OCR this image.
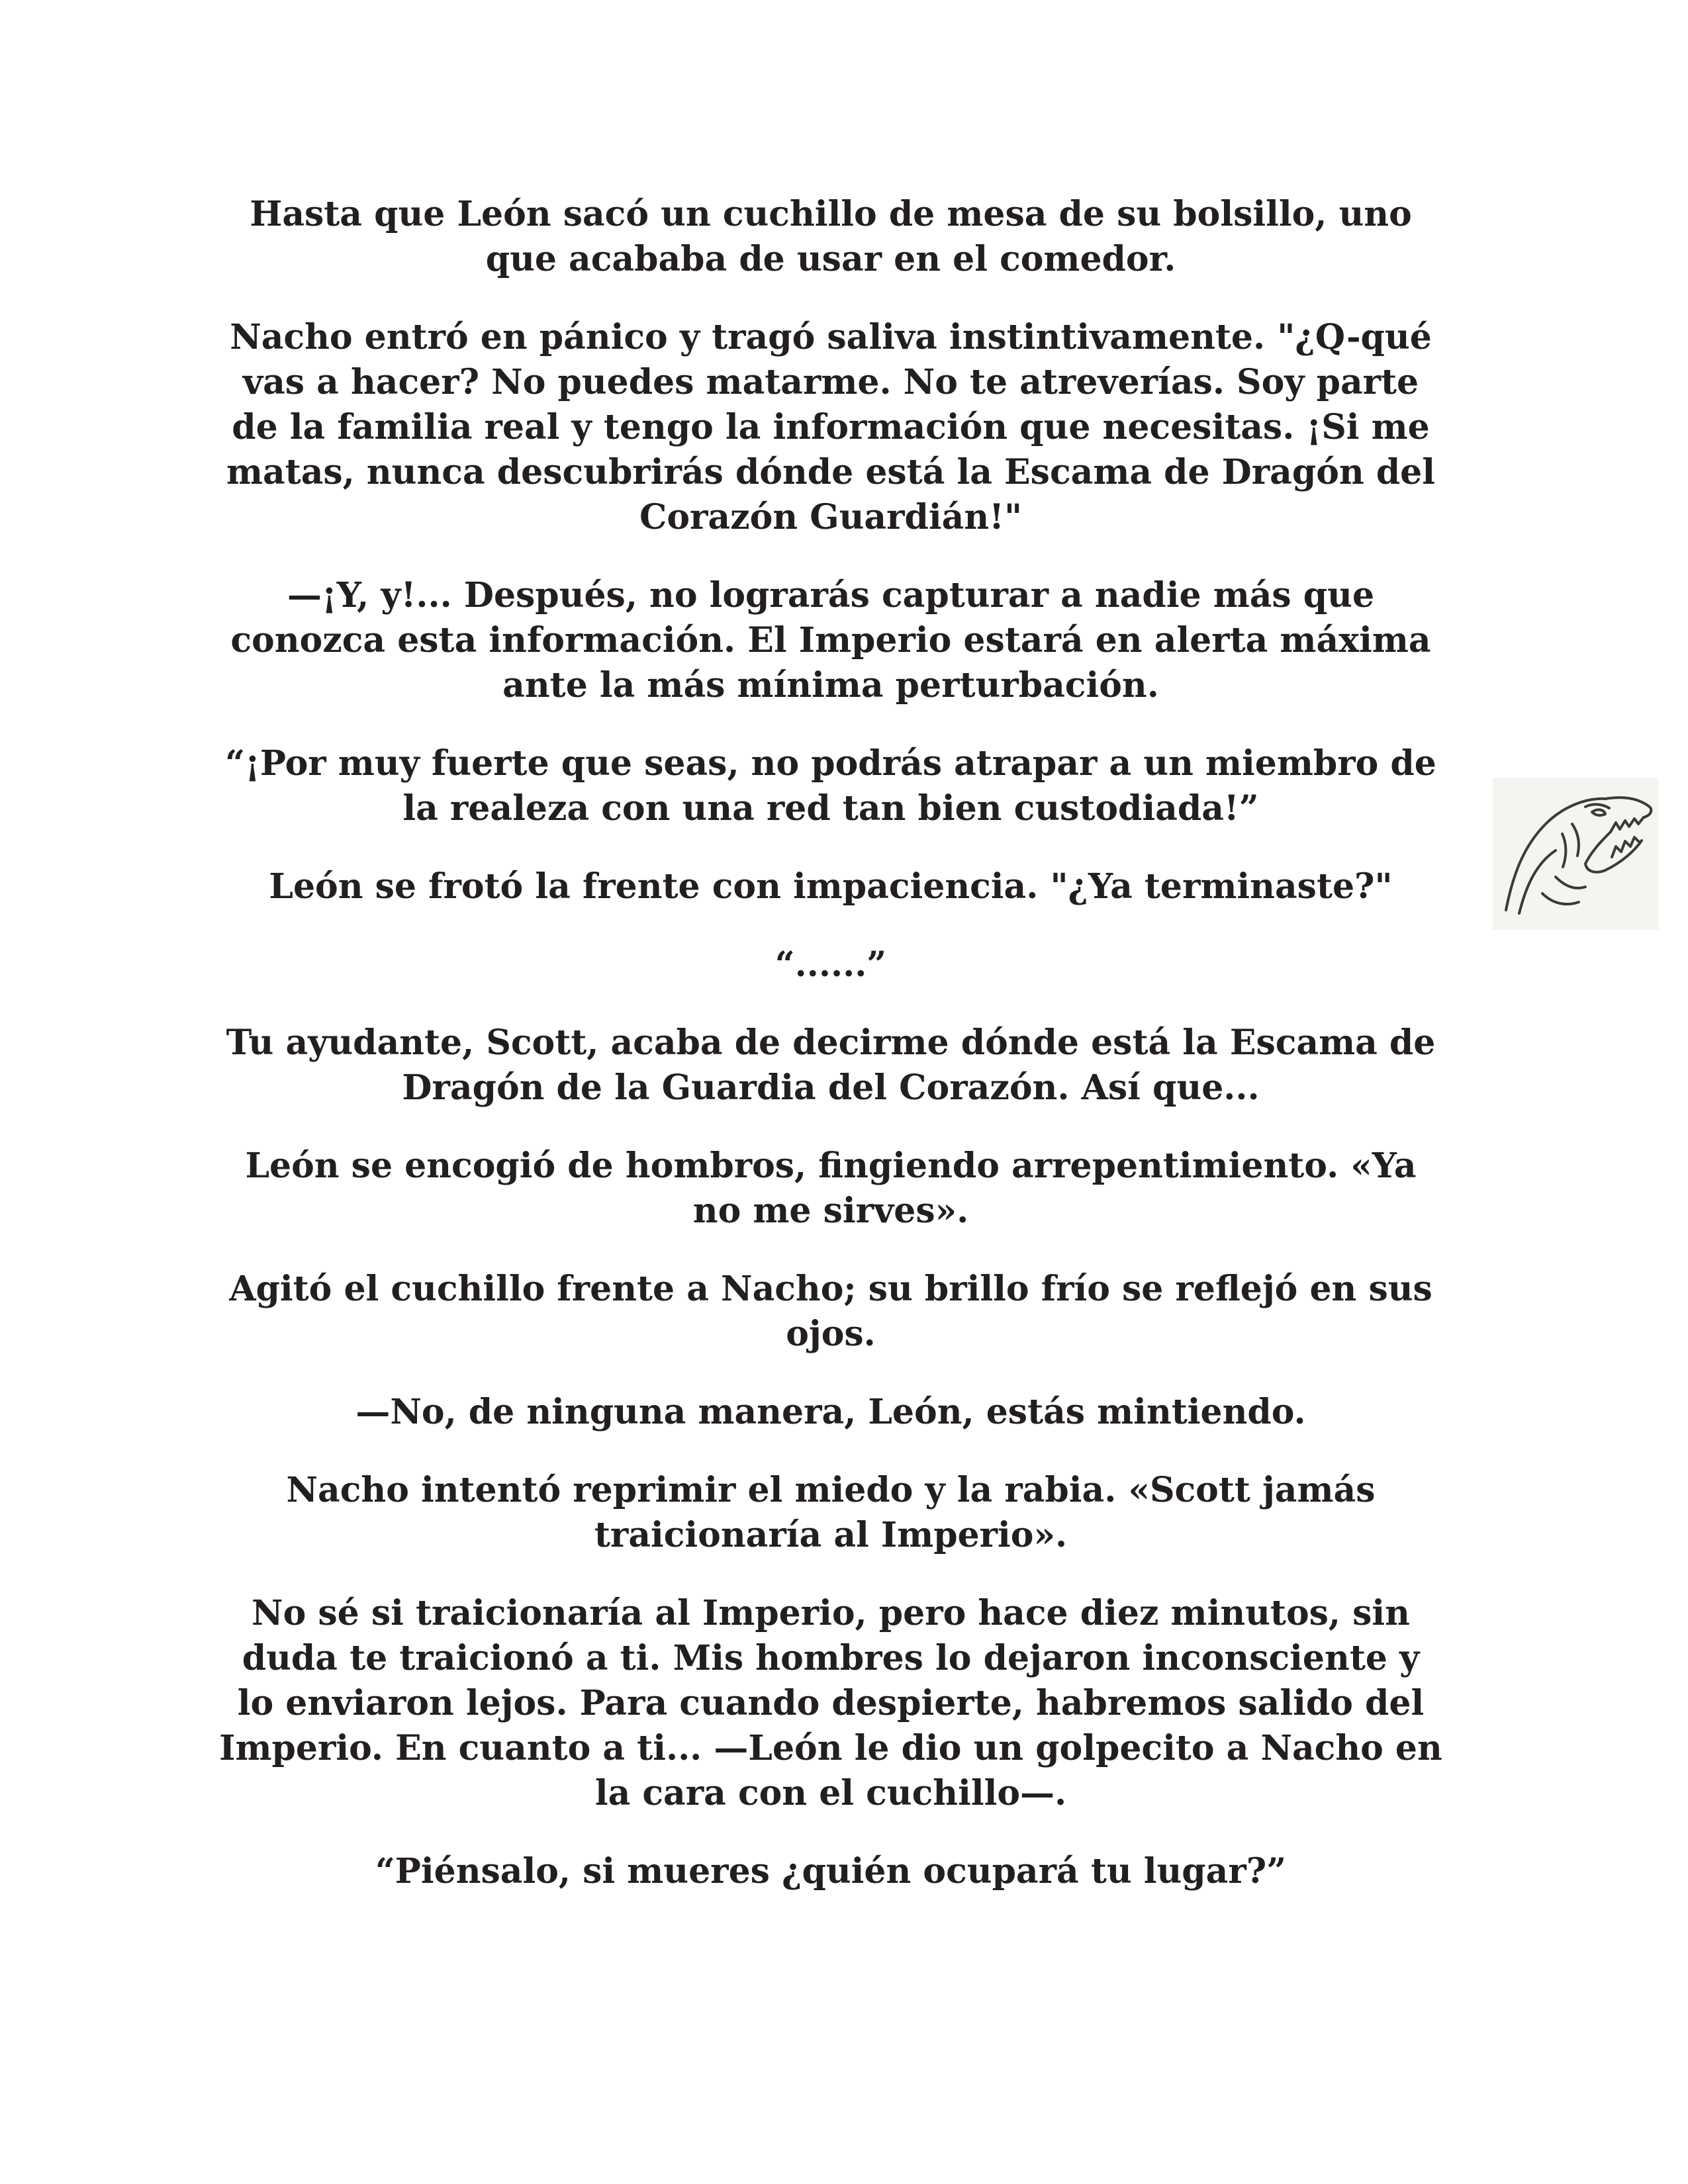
Hasta que León sacó un cuchillo de mesa de su bolsillo, uno que acababa de usar en el comedor.

Nacho entró en pánico y tragó saliva instintivamente. "¿Q-qué vas a hacer? No puedes matarme. No te atreverías. Soy parte de la familia real y tengo la información que necesitas. ¡Si me matas, nunca descubrirás dónde está la Escama de Dragón del Corazón Guardián!"

—¡Y, y!... Después, no lograrás capturar a nadie más que conozca esta información. El Imperio estará en alerta máxima ante la más mínima perturbación.

“¡Por muy fuerte que seas, no podrás atrapar a un miembro de la realeza con una red tan bien custodiada!”

León se frotó la frente con impaciencia. "¿Ya terminaste?"

“......”

Tu ayudante, Scott, acaba de decirme dónde está la Escama de Dragón de la Guardia del Corazón. Así que...

León se encogió de hombros, fingiendo arrepentimiento. «Ya no me sirves».

Agitó el cuchillo frente a Nacho; su brillo frío se reflejó en sus ojos.

—No, de ninguna manera, León, estás mintiendo.

Nacho intentó reprimir el miedo y la rabia. «Scott jamás traicionaría al Imperio».

No sé si traicionaría al Imperio, pero hace diez minutos, sin duda te traicionó a ti. Mis hombres lo dejaron inconsciente y lo enviaron lejos. Para cuando despierte, habremos salido del Imperio. En cuanto a ti... —León le dio un golpecito a Nacho en la cara con el cuchillo—.

“Piénsalo, si mueres ¿quién ocupará tu lugar?”
